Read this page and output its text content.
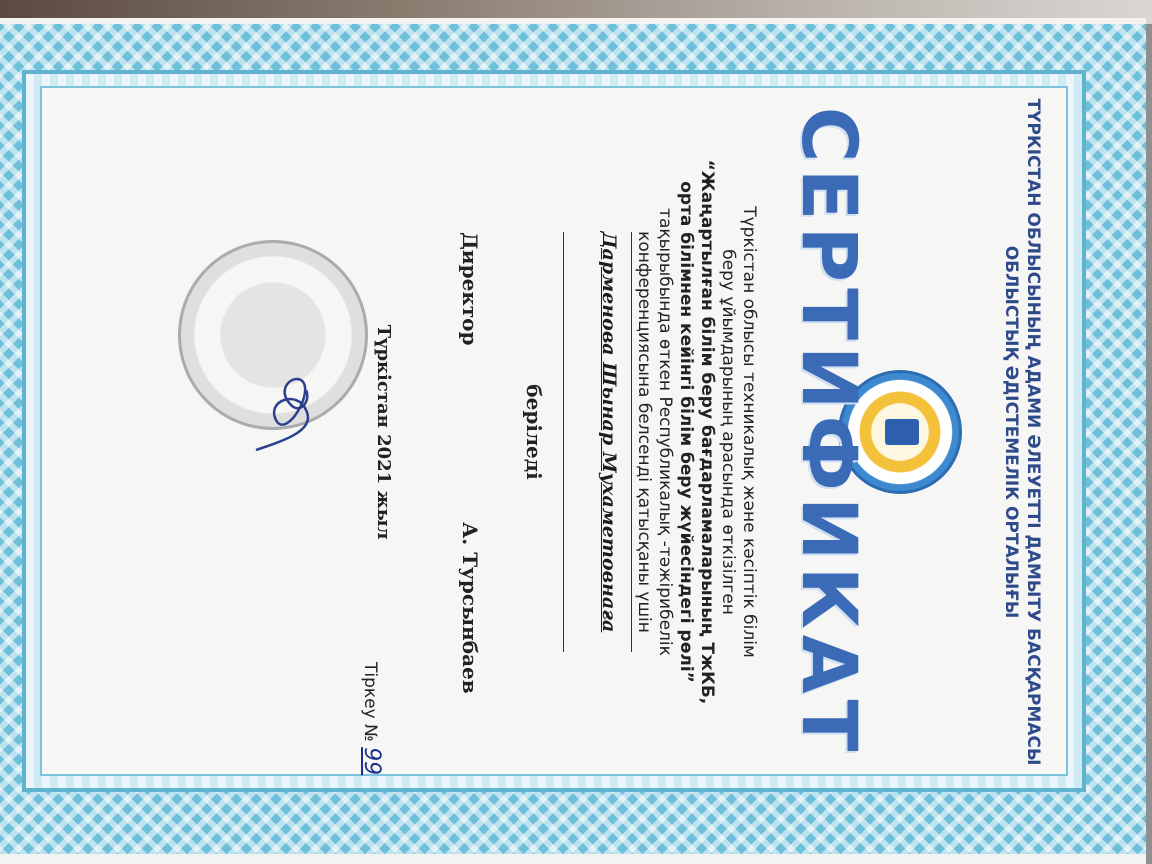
ТҮРКІСТАН ОБЛЫСЫНЫҢ АДАМИ ӘЛЕУЕТТІ ДАМЫТУ БАСҚАРМАСЫ
ОБЛЫСТЫҚ ӘДІСТЕМЕЛІК ОРТАЛЫҒЫ
СЕРТИФИКАТ
Түркістан облысы техникалық және кәсіптік білім
беру ұйымдарының арасында өткізілген
“Жаңартылған білім беру бағдарламаларының ТжКБ,
орта білімнен кейінгі білім беру жүйесіндегі рөлі”
тақырыбында өткен Республикалық -тәжірибелік
конференциясына белсенді қатысқаны үшін
Дарменова Шынар Мухаметовнаға
беріледі
Директор
А. Турсынбаев
Түркістан 2021 жыл
Тіркеу № 99
